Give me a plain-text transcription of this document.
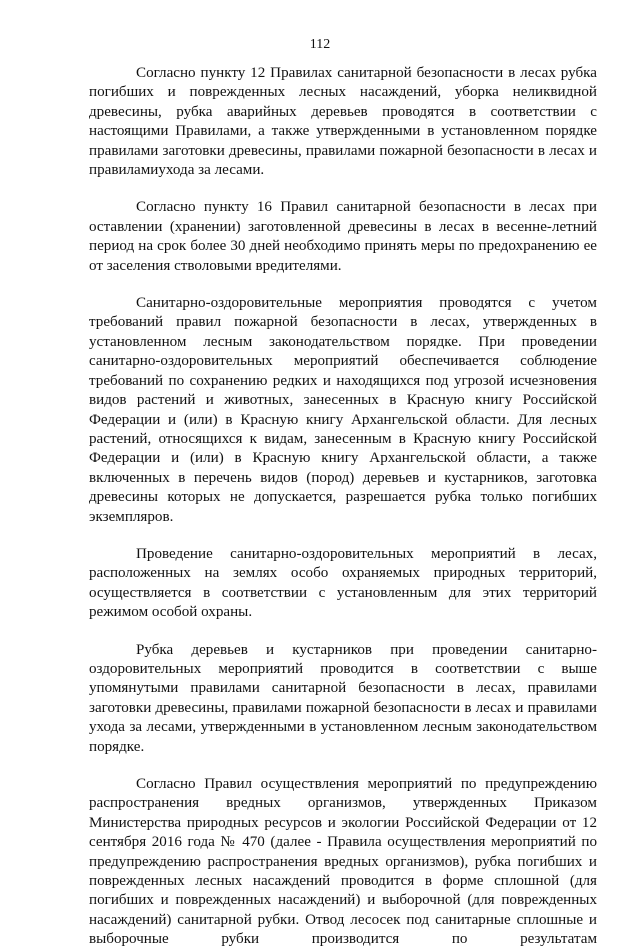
112

Согласно пункту 12 Правилах санитарной безопасности в лесах рубка погибших и поврежденных лесных насаждений, уборка неликвидной древесины, рубка аварийных деревьев проводятся в соответствии с настоящими Правилами, а также утвержденными в установленном порядке правилами заготовки древесины, правилами пожарной безопасности в лесах и правиламиухода за лесами.

Согласно пункту 16 Правил санитарной безопасности в лесах при оставлении (хранении) заготовленной древесины в лесах в весенне-летний период на срок более 30 дней необходимо принять меры по предохранению ее от заселения стволовыми вредителями.

Санитарно-оздоровительные мероприятия проводятся с учетом требований правил пожарной безопасности в лесах, утвержденных в установленном лесным законодательством порядке. При проведении санитарно-оздоровительных мероприятий обеспечивается соблюдение требований по сохранению редких и находящихся под угрозой исчезновения видов растений и животных, занесенных в Красную книгу Российской Федерации и (или) в Красную книгу Архангельской области. Для лесных растений, относящихся к видам, занесенным в Красную книгу Российской Федерации и (или) в Красную книгу Архангельской области, а также включенных в перечень видов (пород) деревьев и кустарников, заготовка древесины которых не допускается, разрешается рубка только погибших экземпляров.

Проведение санитарно-оздоровительных мероприятий в лесах, расположенных на землях особо охраняемых природных территорий, осуществляется в соответствии с установленным для этих территорий режимом особой охраны.

Рубка деревьев и кустарников при проведении санитарно-оздоровительных мероприятий проводится в соответствии с выше упомянутыми правилами санитарной безопасности в лесах, правилами заготовки древесины, правилами пожарной безопасности в лесах и правилами ухода за лесами, утвержденными в установленном лесным законодательством порядке.

Согласно Правил осуществления мероприятий по предупреждению распространения вредных организмов, утвержденных Приказом Министерства природных ресурсов и экологии Российской Федерации от 12 сентября 2016 года № 470 (далее - Правила осуществления мероприятий по предупреждению распространения вредных организмов), рубка погибших и поврежденных лесных насаждений проводится в форме сплошной (для погибших и поврежденных насаждений) и выборочной (для поврежденных насаждений) санитарной рубки. Отвод лесосек под санитарные сплошные и выборочные рубки производится по результатам
